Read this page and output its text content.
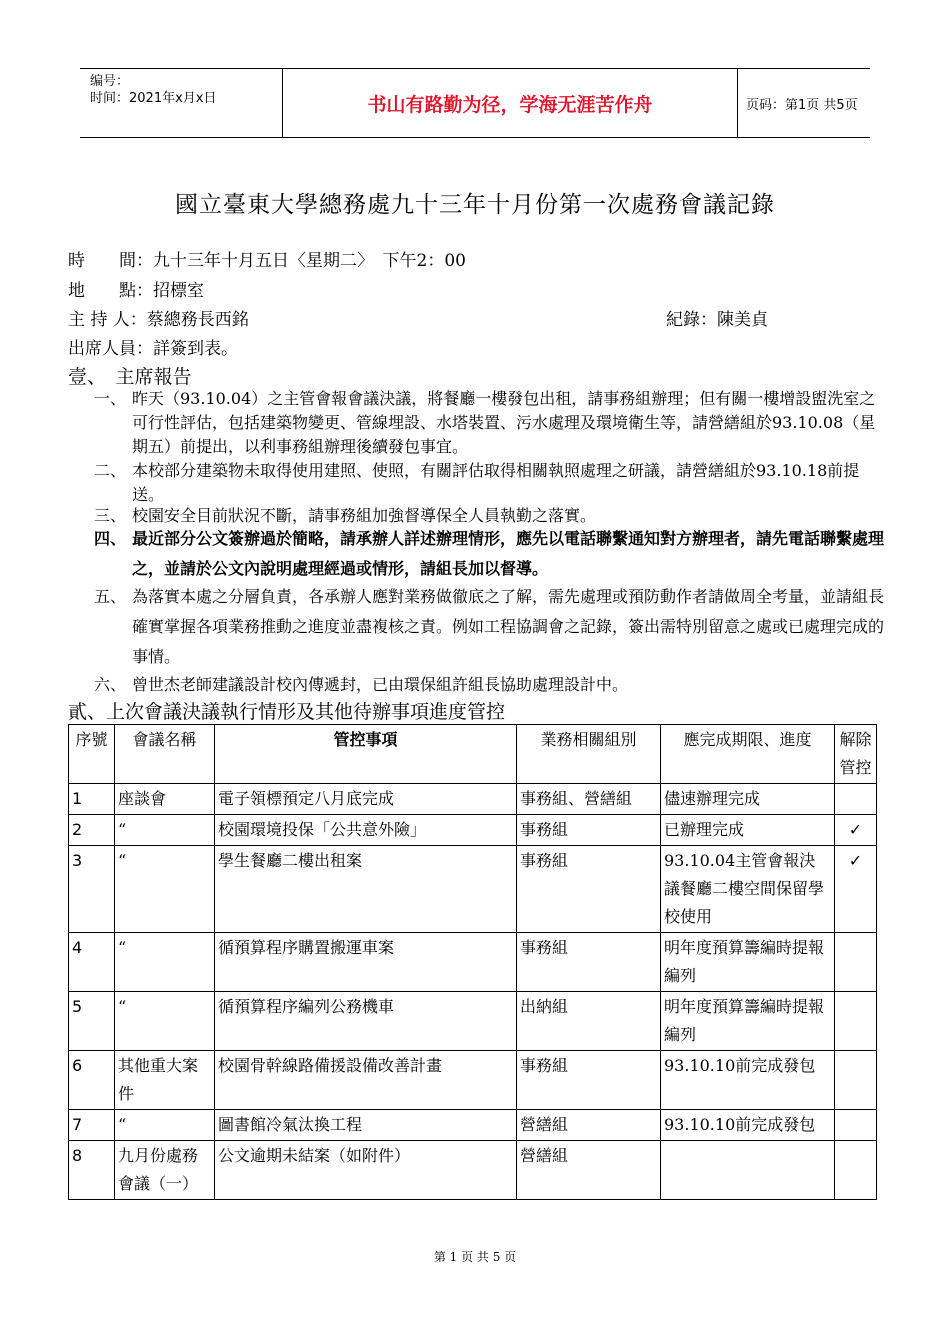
编号：
时间：2021年x月x日	书山有路勤为径，学海无涯苦作舟	页码：第1页 共5页
國立臺東大學總務處九十三年十月份第一次處務會議記錄
時　　間：九十三年十月五日〈星期二〉　下午2：00
地　　點：招標室
主 持 人：蔡總務長西銘	紀錄：陳美貞
出席人員：詳簽到表。
壹、　主席報告
一、 昨天（93.10.04）之主管會報會議決議，將餐廳一樓發包出租，請事務組辦理；但有關一樓增設盥洗室之可行性評估，包括建築物變更、管線埋設、水塔裝置、污水處理及環境衛生等，請營繕組於93.10.08（星期五）前提出，以利事務組辦理後續發包事宜。
二、 本校部分建築物未取得使用建照、使照，有關評估取得相關執照處理之研議，請營繕組於93.10.18前提送。
三、 校園安全目前狀況不斷，請事務組加強督導保全人員執勤之落實。
四、 最近部分公文簽辦過於簡略，請承辦人詳述辦理情形，應先以電話聯繫通知對方辦理者，請先電話聯繫處理之，並請於公文內說明處理經過或情形，請組長加以督導。
五、 為落實本處之分層負責，各承辦人應對業務做徹底之了解，需先處理或預防動作者請做周全考量，並請組長確實掌握各項業務推動之進度並盡複核之責。例如工程協調會之記錄，簽出需特別留意之處或已處理完成的事情。
六、 曾世杰老師建議設計校內傳遞封，已由環保組許組長協助處理設計中。
貳、上次會議決議執行情形及其他待辦事項進度管控
序號	會議名稱	管控事項	業務相關組別	應完成期限、進度	解除管控
1	座談會	電子領標預定八月底完成	事務組、營繕組	儘速辦理完成	

2	“	校園環境投保「公共意外險」	事務組	已辦理完成	✓

3	“	學生餐廳二樓出租案	事務組	93.10.04主管會報決議餐廳二樓空間保留學校使用	✓

4	“	循預算程序購置搬運車案	事務組	明年度預算籌編時提報編列	

5	“	循預算程序編列公務機車	出納組	明年度預算籌編時提報編列	

6	其他重大案件	校園骨幹線路備援設備改善計畫	事務組	93.10.10前完成發包	

7	“	圖書館冷氣汰換工程	營繕組	93.10.10前完成發包	

8	九月份處務會議（一）	公文逾期未結案（如附件）	營繕組		
第 1 页 共 5 页
